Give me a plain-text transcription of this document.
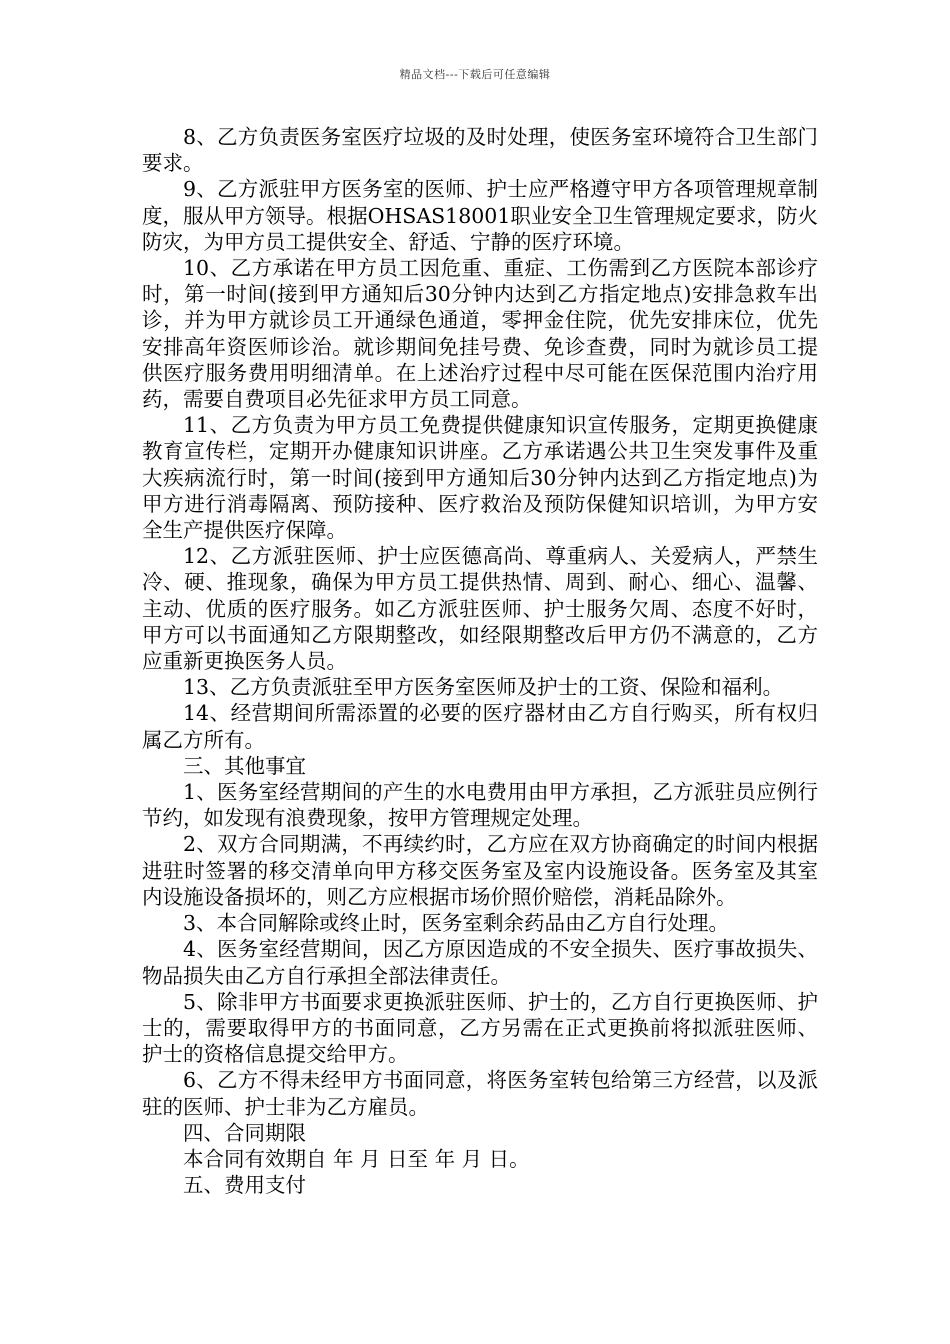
精品文档---下载后可任意编辑

8、乙方负责医务室医疗垃圾的及时处理，使医务室环境符合卫生部门要求。

9、乙方派驻甲方医务室的医师、护士应严格遵守甲方各项管理规章制度，服从甲方领导。根据OHSAS18001职业安全卫生管理规定要求，防火防灾，为甲方员工提供安全、舒适、宁静的医疗环境。

10、乙方承诺在甲方员工因危重、重症、工伤需到乙方医院本部诊疗时，第一时间(接到甲方通知后30分钟内达到乙方指定地点)安排急救车出诊，并为甲方就诊员工开通绿色通道，零押金住院，优先安排床位，优先安排高年资医师诊治。就诊期间免挂号费、免诊查费，同时为就诊员工提供医疗服务费用明细清单。在上述治疗过程中尽可能在医保范围内治疗用药，需要自费项目必先征求甲方员工同意。

11、乙方负责为甲方员工免费提供健康知识宣传服务，定期更换健康教育宣传栏，定期开办健康知识讲座。乙方承诺遇公共卫生突发事件及重大疾病流行时，第一时间(接到甲方通知后30分钟内达到乙方指定地点)为甲方进行消毒隔离、预防接种、医疗救治及预防保健知识培训，为甲方安全生产提供医疗保障。

12、乙方派驻医师、护士应医德高尚、尊重病人、关爱病人，严禁生冷、硬、推现象，确保为甲方员工提供热情、周到、耐心、细心、温馨、主动、优质的医疗服务。如乙方派驻医师、护士服务欠周、态度不好时，甲方可以书面通知乙方限期整改，如经限期整改后甲方仍不满意的，乙方应重新更换医务人员。

13、乙方负责派驻至甲方医务室医师及护士的工资、保险和福利。

14、经营期间所需添置的必要的医疗器材由乙方自行购买，所有权归属乙方所有。

三、其他事宜

1、医务室经营期间的产生的水电费用由甲方承担，乙方派驻员应例行节约，如发现有浪费现象，按甲方管理规定处理。

2、双方合同期满，不再续约时，乙方应在双方协商确定的时间内根据进驻时签署的移交清单向甲方移交医务室及室内设施设备。医务室及其室内设施设备损坏的，则乙方应根据市场价照价赔偿，消耗品除外。

3、本合同解除或终止时，医务室剩余药品由乙方自行处理。

4、医务室经营期间，因乙方原因造成的不安全损失、医疗事故损失、物品损失由乙方自行承担全部法律责任。

5、除非甲方书面要求更换派驻医师、护士的，乙方自行更换医师、护士的，需要取得甲方的书面同意，乙方另需在正式更换前将拟派驻医师、护士的资格信息提交给甲方。

6、乙方不得未经甲方书面同意，将医务室转包给第三方经营，以及派驻的医师、护士非为乙方雇员。

四、合同期限

本合同有效期自 年 月 日至 年 月 日。

五、费用支付
